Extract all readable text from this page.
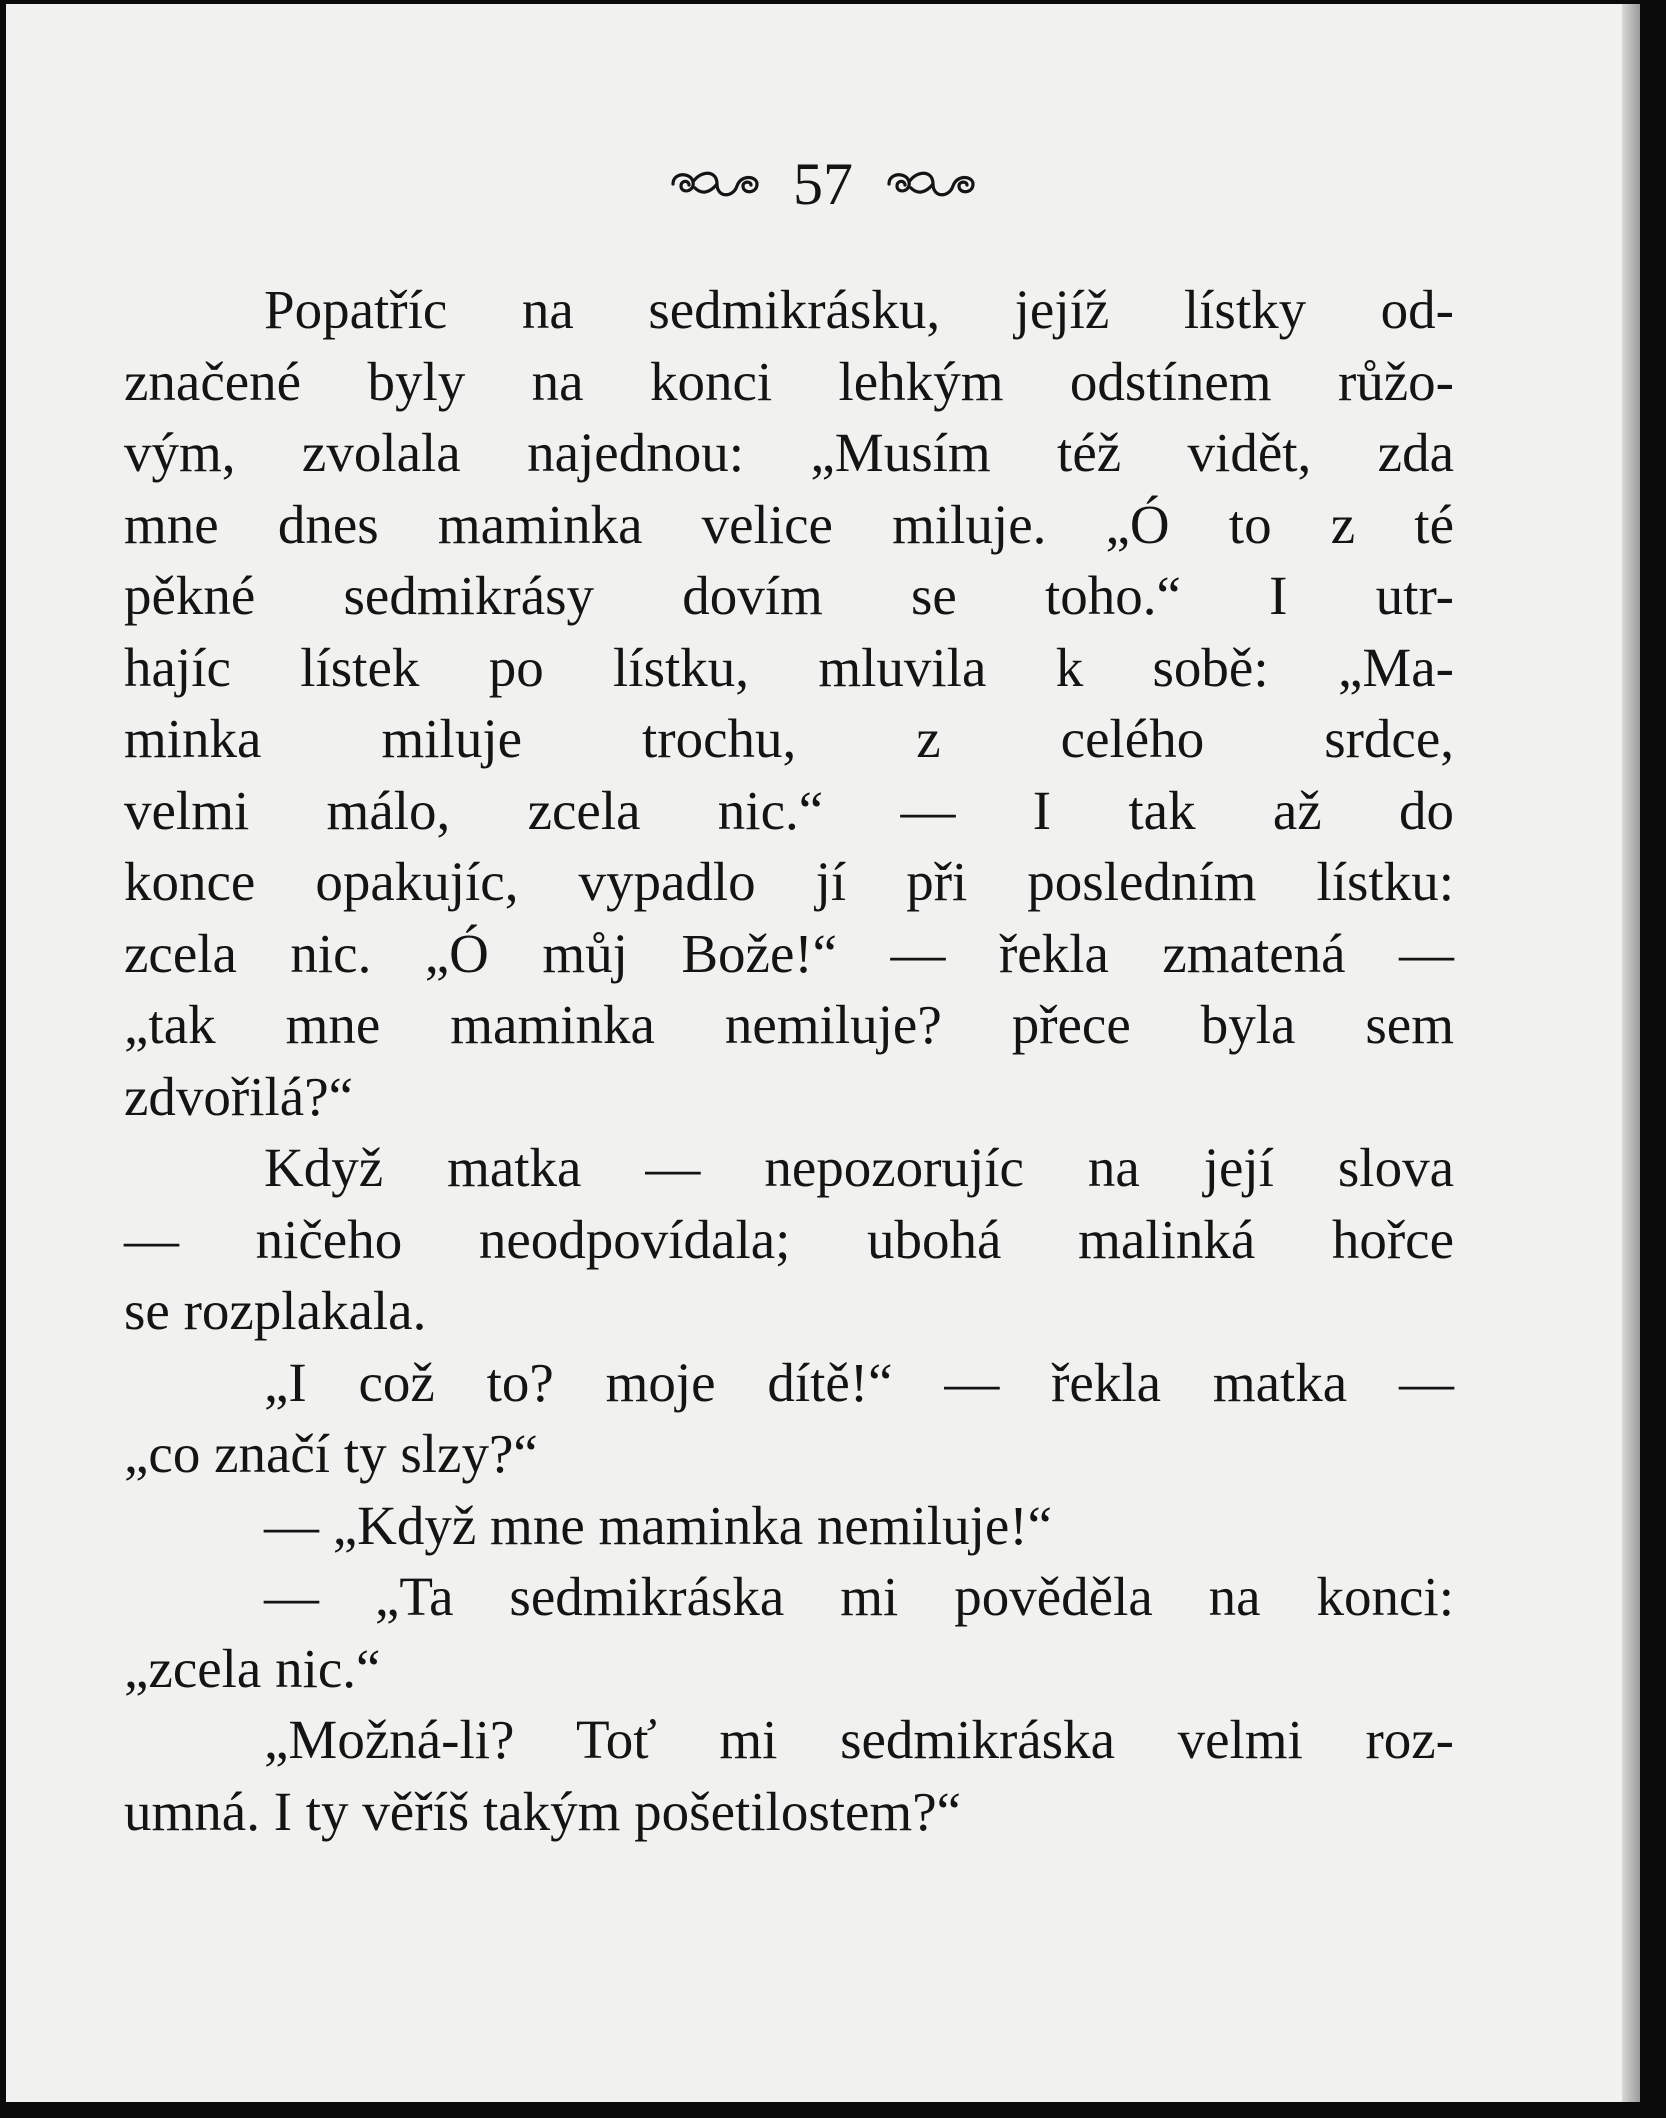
57
Popatříc na sedmikrásku, jejíž lístky od-
značené byly na konci lehkým odstínem růžo-
vým, zvolala najednou: „Musím též vidět, zda
mne dnes maminka velice miluje. „Ó to z té
pěkné sedmikrásy dovím se toho.“ I utr-
hajíc lístek po lístku, mluvila k sobě: „Ma-
minka miluje trochu, z celého srdce,
velmi málo, zcela nic.“ — I tak až do
konce opakujíc, vypadlo jí při posledním lístku:
zcela nic. „Ó můj Bože!“ — řekla zmatená —
„tak mne maminka nemiluje? přece byla sem
zdvořilá?“
Když matka — nepozorujíc na její slova
— ničeho neodpovídala; ubohá malinká hořce
se rozplakala.
„I což to? moje dítě!“ — řekla matka —
„co značí ty slzy?“
— „Když mne maminka nemiluje!“
— „Ta sedmikráska mi pověděla na konci:
„zcela nic.“
„Možná-li? Toť mi sedmikráska velmi roz-
umná. I ty věříš takým pošetilostem?“
